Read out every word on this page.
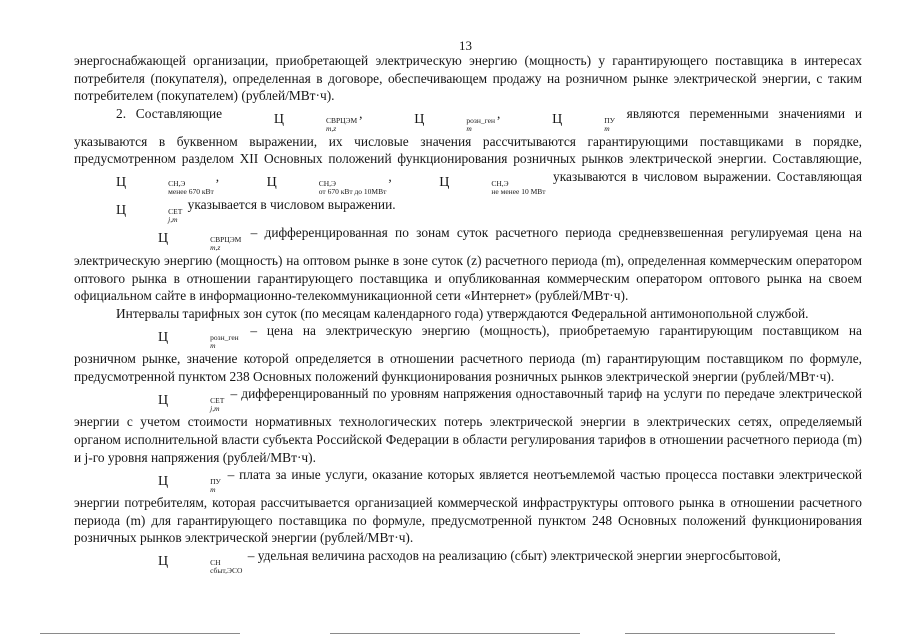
13

энергоснабжающей организации, приобретающей электрическую энергию (мощность) у гарантирующего поставщика в интересах потребителя (покупателя), определенная в договоре, обеспечивающем продажу на розничном рынке электрической энергии, с таким потребителем (покупателем) (рублей/МВт·ч).

2. Составляющие	Ц	СВРЦЭМ
m,z
,	Ц	розн_ген
m
,	Ц	ПУ
m
являются переменными значениями и указываются в буквенном выражении, их числовые значения рассчитываются гарантирующими поставщиками в порядке, предусмотренном разделом XII Основных положений функционирования розничных рынков электрической энергии. Составляющие, Ц	СН,Э
менее 670 кВт
,	Ц	СН,Э
от 670 кВт до 10МВт
,	Ц	СН,Э
не менее 10 МВт
указываются в числовом выражении. Составляющая Ц	СЕТ
j,m
указывается в числовом выражении.

Ц	СВРЦЭМ
m,z
– дифференцированная по зонам суток расчетного периода средневзвешенная регулируемая цена на электрическую энергию (мощность) на оптовом рынке в зоне суток (z) расчетного периода (m), определенная коммерческим оператором оптового рынка в отношении гарантирующего поставщика и опубликованная коммерческим оператором оптового рынка на своем официальном сайте в информационно-телекоммуникационной сети «Интернет» (рублей/МВт·ч).

Интервалы тарифных зон суток (по месяцам календарного года) утверждаются Федеральной антимонопольной службой.

Ц	розн_ген
m
– цена на электрическую энергию (мощность), приобретаемую гарантирующим поставщиком на розничном рынке, значение которой определяется в отношении расчетного периода (m) гарантирующим поставщиком по формуле, предусмотренной пунктом 238 Основных положений функционирования розничных рынков электрической энергии (рублей/МВт·ч).

Ц	СЕТ
j,m
– дифференцированный по уровням напряжения одноставочный тариф на услуги по передаче электрической энергии с учетом стоимости нормативных технологических потерь электрической энергии в электрических сетях, определяемый органом исполнительной власти субъекта Российской Федерации в области регулирования тарифов в отношении расчетного периода (m) и j-го уровня напряжения (рублей/МВт·ч).

Ц	ПУ
m
– плата за иные услуги, оказание которых является неотъемлемой частью процесса поставки электрической энергии потребителям, которая рассчитывается организацией коммерческой инфраструктуры оптового рынка в отношении расчетного периода (m) для гарантирующего поставщика по формуле, предусмотренной пунктом 248 Основных положений функционирования розничных рынков электрической энергии (рублей/МВт·ч).

Ц	СН
сбыт,ЭСО
– удельная величина расходов на реализацию (сбыт) электрической энергии энергосбытовой,
